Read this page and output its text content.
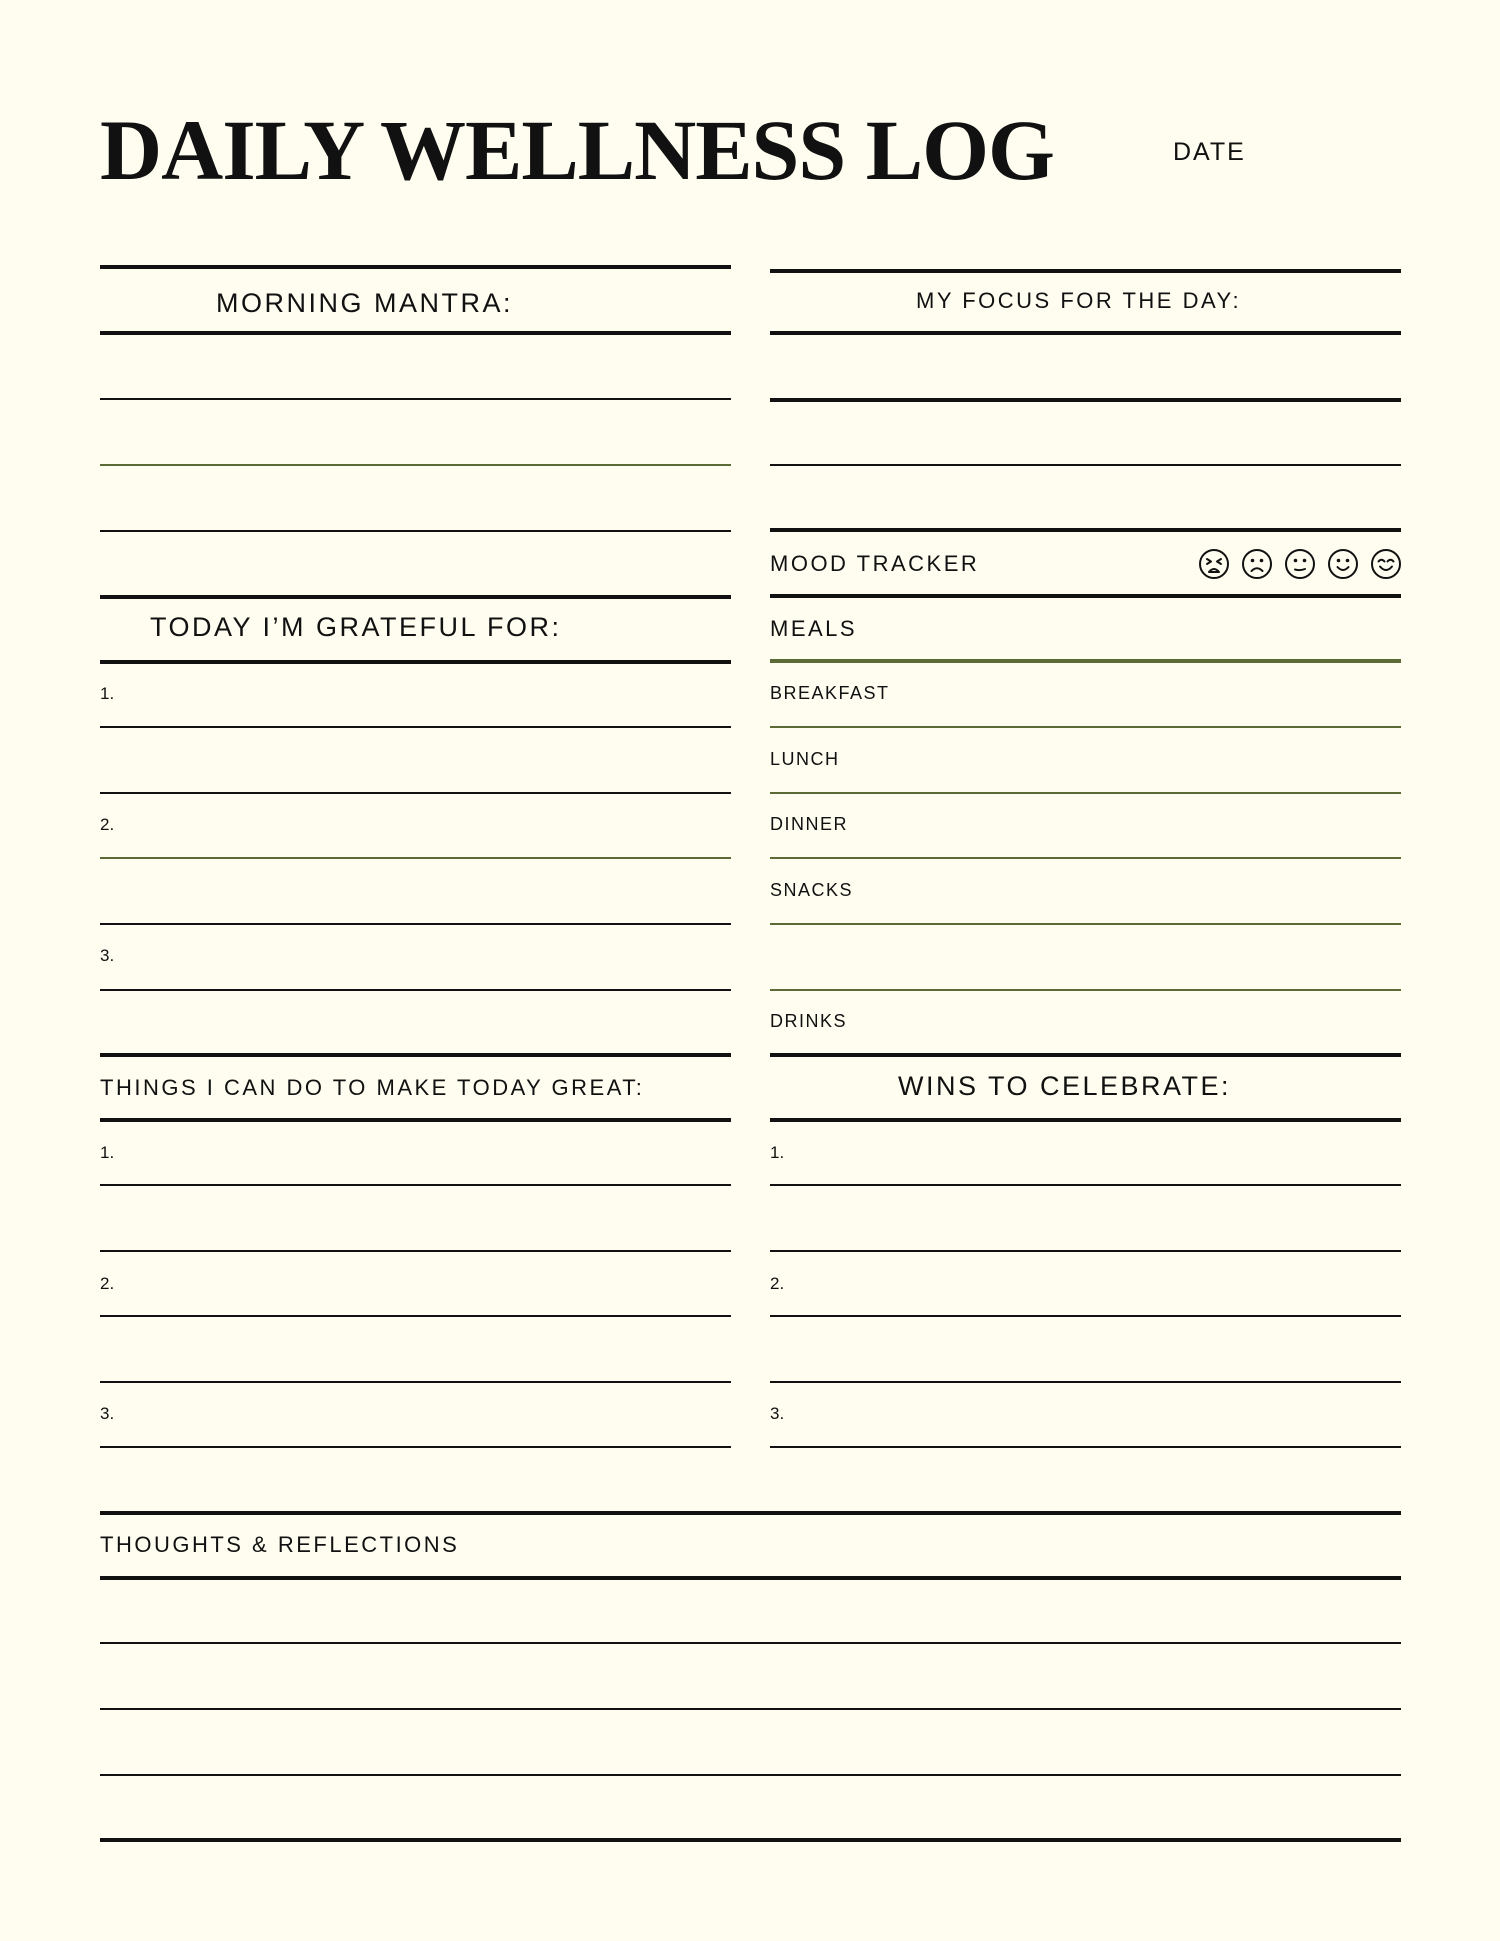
DAILY WELLNESS LOG	DATE
MORNING MANTRA:
TODAY I’M GRATEFUL FOR:
1.
2.
3.
THINGS I CAN DO TO MAKE TODAY GREAT:
1.
2.
3.
MY FOCUS FOR THE DAY:
MOOD TRACKER
MEALS
BREAKFAST
LUNCH
DINNER
SNACKS
DRINKS
WINS TO CELEBRATE:
1.
2.
3.
THOUGHTS & REFLECTIONS
